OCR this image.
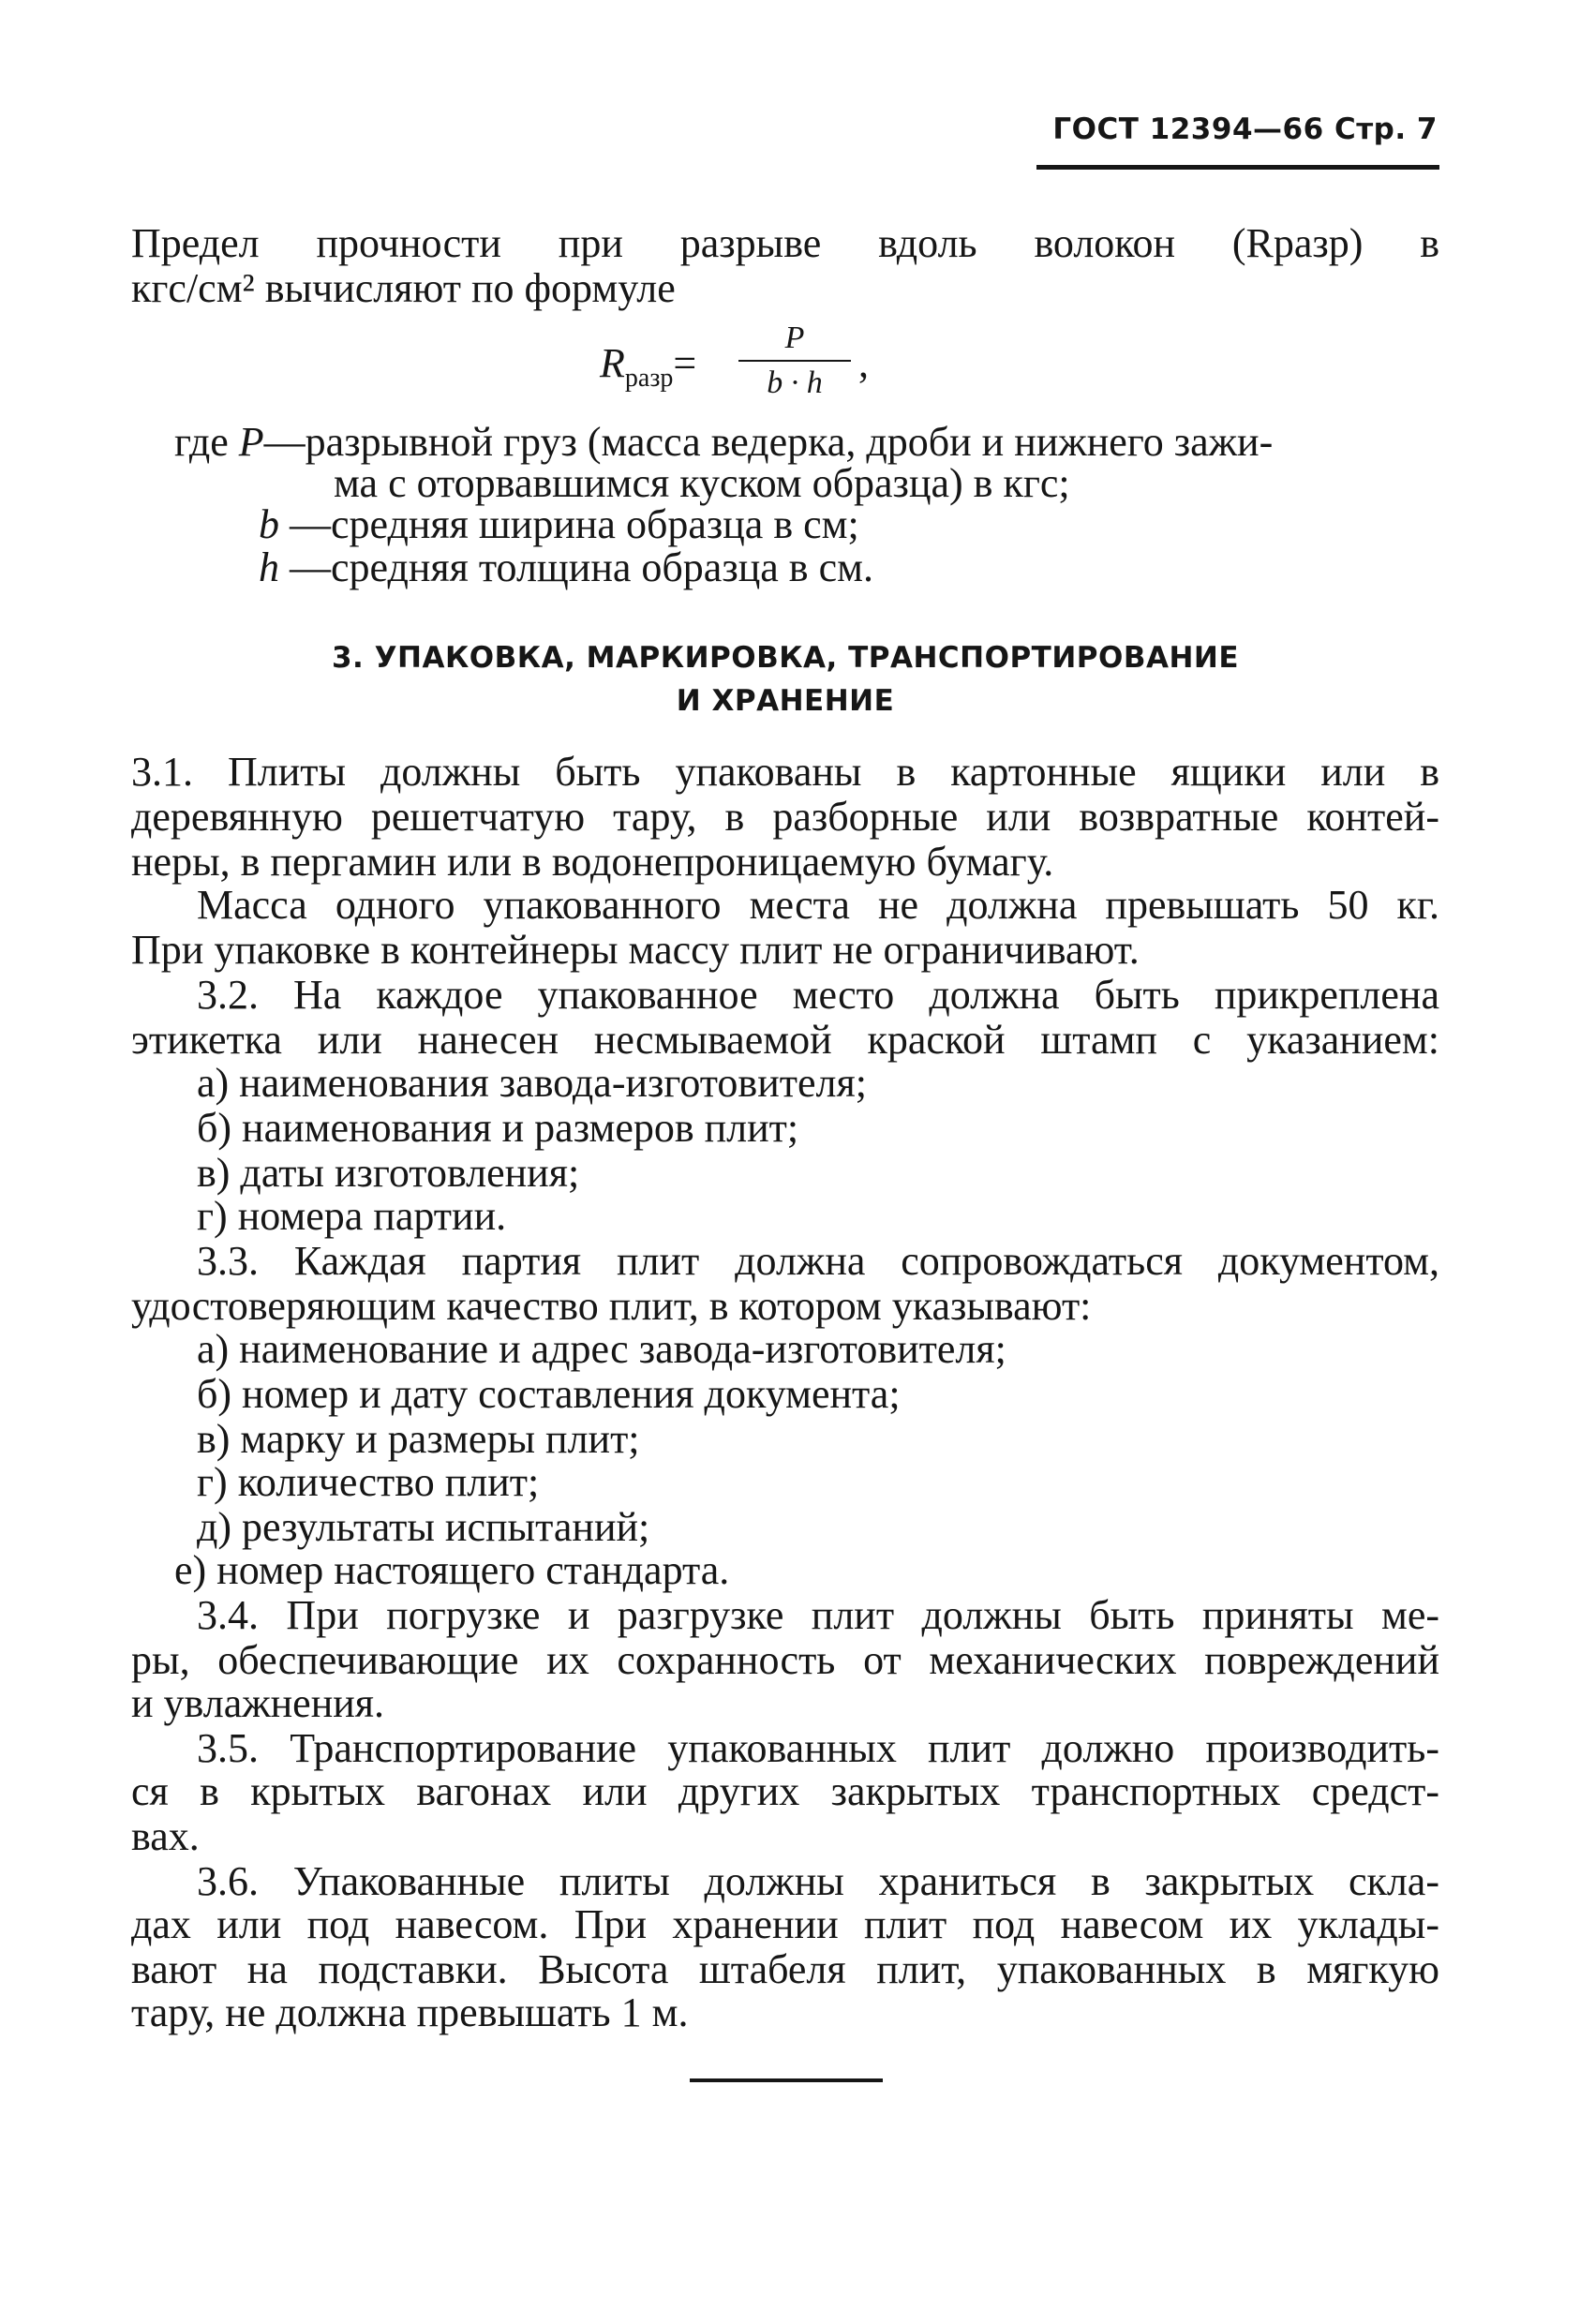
ГОСТ 12394—66 Стр. 7
Предел прочности при разрыве вдоль волокон (Rразр) в
кгс/см² вычисляют по формуле
$R_{разр}=$
P
b · h ,
где P—разрывной груз (масса ведерка, дроби и нижнего зажи-
ма с оторвавшимся куском образца) в кгс;
b —средняя ширина образца в см;
h —средняя толщина образца в см.
3. УПАКОВКА, МАРКИРОВКА, ТРАНСПОРТИРОВАНИЕ
И ХРАНЕНИЕ
3.1. Плиты должны быть упакованы в картонные ящики или в
деревянную решетчатую тару, в разборные или возвратные контей-
неры, в пергамин или в водонепроницаемую бумагу.
Масса одного упакованного места не должна превышать 50 кг.
При упаковке в контейнеры массу плит не ограничивают.
3.2. На каждое упакованное место должна быть прикреплена
этикетка или нанесен несмываемой краской штамп с указанием:
а) наименования завода-изготовителя;
б) наименования и размеров плит;
в) даты изготовления;
г) номера партии.
3.3. Каждая партия плит должна сопровождаться документом,
удостоверяющим качество плит, в котором указывают:
а) наименование и адрес завода-изготовителя;
б) номер и дату составления документа;
в) марку и размеры плит;
г) количество плит;
д) результаты испытаний;
е) номер настоящего стандарта.
3.4. При погрузке и разгрузке плит должны быть приняты ме-
ры, обеспечивающие их сохранность от механических повреждений
и увлажнения.
3.5. Транспортирование упакованных плит должно производить-
ся в крытых вагонах или других закрытых транспортных средст-
вах.
3.6. Упакованные плиты должны храниться в закрытых скла-
дах или под навесом. При хранении плит под навесом их уклады-
вают на подставки. Высота штабеля плит, упакованных в мягкую
тару, не должна превышать 1 м.
